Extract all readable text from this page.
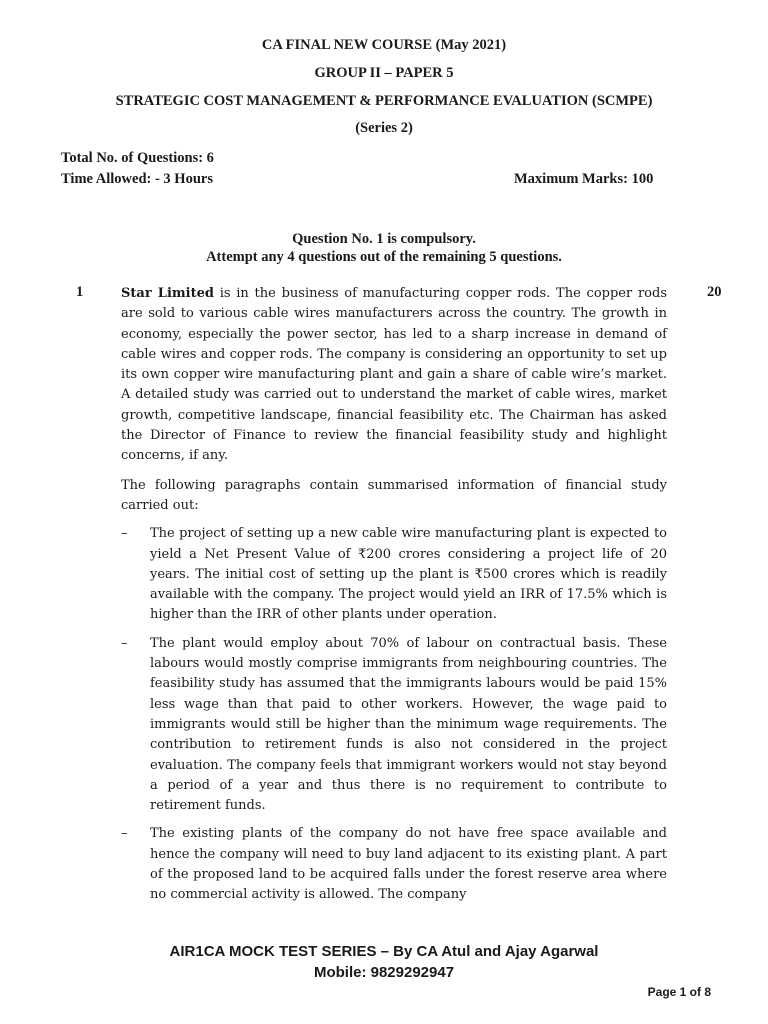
CA FINAL NEW COURSE (May 2021)
GROUP II – PAPER 5
STRATEGIC COST MANAGEMENT & PERFORMANCE EVALUATION (SCMPE)
(Series 2)
Total No. of Questions: 6
Time Allowed: - 3 Hours	Maximum Marks: 100
Question No. 1 is compulsory.
Attempt any 4 questions out of the remaining 5 questions.
1	20

Star Limited is in the business of manufacturing copper rods. The copper rods are sold to various cable wires manufacturers across the country. The growth in economy, especially the power sector, has led to a sharp increase in demand of cable wires and copper rods. The company is considering an opportunity to set up its own copper wire manufacturing plant and gain a share of cable wire’s market. A detailed study was carried out to understand the market of cable wires, market growth, competitive landscape, financial feasibility etc. The Chairman has asked the Director of Finance to review the financial feasibility study and highlight concerns, if any.

The following paragraphs contain summarised information of financial study carried out:

– The project of setting up a new cable wire manufacturing plant is expected to yield a Net Present Value of ₹200 crores considering a project life of 20 years. The initial cost of setting up the plant is ₹500 crores which is readily available with the company. The project would yield an IRR of 17.5% which is higher than the IRR of other plants under operation.
– The plant would employ about 70% of labour on contractual basis. These labours would mostly comprise immigrants from neighbouring countries. The feasibility study has assumed that the immigrants labours would be paid 15% less wage than that paid to other workers. However, the wage paid to immigrants would still be higher than the minimum wage requirements. The contribution to retirement funds is also not considered in the project evaluation. The company feels that immigrant workers would not stay beyond a period of a year and thus there is no requirement to contribute to retirement funds.
– The existing plants of the company do not have free space available and hence the company will need to buy land adjacent to its existing plant. A part of the proposed land to be acquired falls under the forest reserve area where no commercial activity is allowed. The company
AIR1CA MOCK TEST SERIES – By CA Atul and Ajay Agarwal
Mobile: 9829292947
Page 1 of 8
